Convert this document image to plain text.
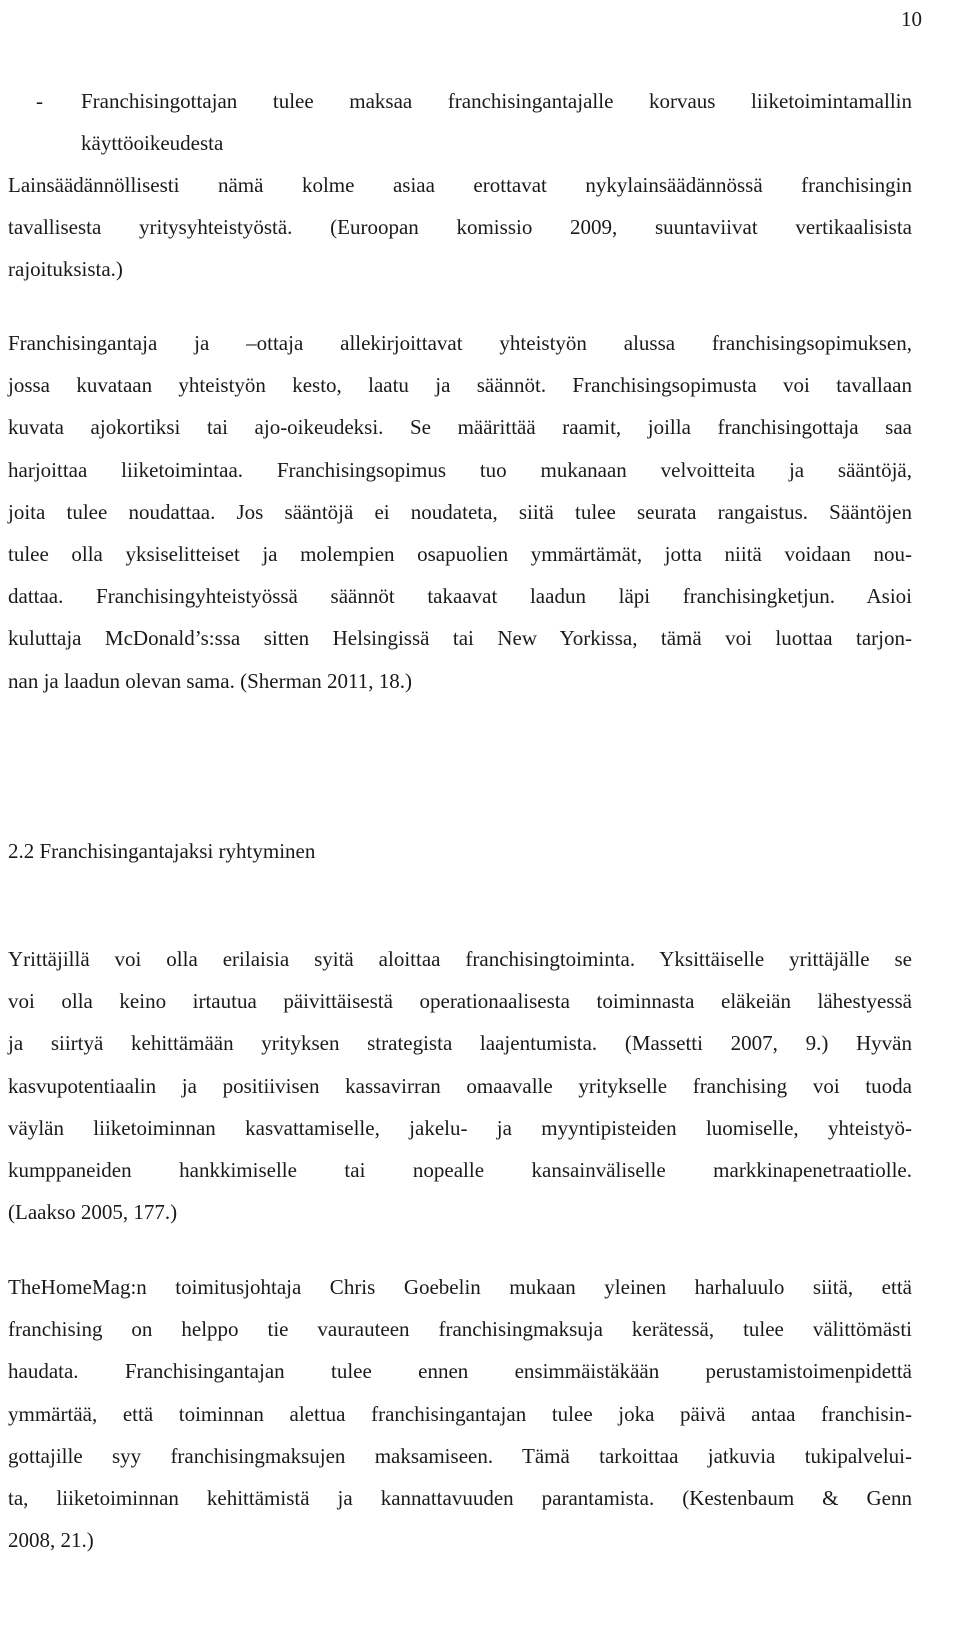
10
- Franchisingottajan tulee maksaa franchisingantajalle korvaus liiketoimintamallin
käyttöoikeudesta
Lainsäädännöllisesti nämä kolme asiaa erottavat nykylainsäädännössä franchisingin
tavallisesta yritysyhteistyöstä. (Euroopan komissio 2009, suuntaviivat vertikaalisista
rajoituksista.)
Franchisingantaja ja –ottaja allekirjoittavat yhteistyön alussa franchisingsopimuksen,
jossa kuvataan yhteistyön kesto, laatu ja säännöt. Franchisingsopimusta voi tavallaan
kuvata ajokortiksi tai ajo-oikeudeksi. Se määrittää raamit, joilla franchisingottaja saa
harjoittaa liiketoimintaa. Franchisingsopimus tuo mukanaan velvoitteita ja sääntöjä,
joita tulee noudattaa. Jos sääntöjä ei noudateta, siitä tulee seurata rangaistus. Sääntöjen
tulee olla yksiselitteiset ja molempien osapuolien ymmärtämät, jotta niitä voidaan nou-
dattaa. Franchisingyhteistyössä säännöt takaavat laadun läpi franchisingketjun. Asioi
kuluttaja McDonald’s:ssa sitten Helsingissä tai New Yorkissa, tämä voi luottaa tarjon-
nan ja laadun olevan sama. (Sherman 2011, 18.)
2.2 Franchisingantajaksi ryhtyminen
Yrittäjillä voi olla erilaisia syitä aloittaa franchisingtoiminta. Yksittäiselle yrittäjälle se
voi olla keino irtautua päivittäisestä operationaalisesta toiminnasta eläkeiän lähestyessä
ja siirtyä kehittämään yrityksen strategista laajentumista. (Massetti 2007, 9.) Hyvän
kasvupotentiaalin ja positiivisen kassavirran omaavalle yritykselle franchising voi tuoda
väylän liiketoiminnan kasvattamiselle, jakelu- ja myyntipisteiden luomiselle, yhteistyö-
kumppaneiden hankkimiselle tai nopealle kansainväliselle markkinapenetraatiolle.
(Laakso 2005, 177.)
TheHomeMag:n toimitusjohtaja Chris Goebelin mukaan yleinen harhaluulo siitä, että
franchising on helppo tie vaurauteen franchisingmaksuja kerätessä, tulee välittömästi
haudata. Franchisingantajan tulee ennen ensimmäistäkään perustamistoimenpidettä
ymmärtää, että toiminnan alettua franchisingantajan tulee joka päivä antaa franchisin-
gottajille syy franchisingmaksujen maksamiseen. Tämä tarkoittaa jatkuvia tukipalvelui-
ta, liiketoiminnan kehittämistä ja kannattavuuden parantamista. (Kestenbaum & Genn
2008, 21.)
